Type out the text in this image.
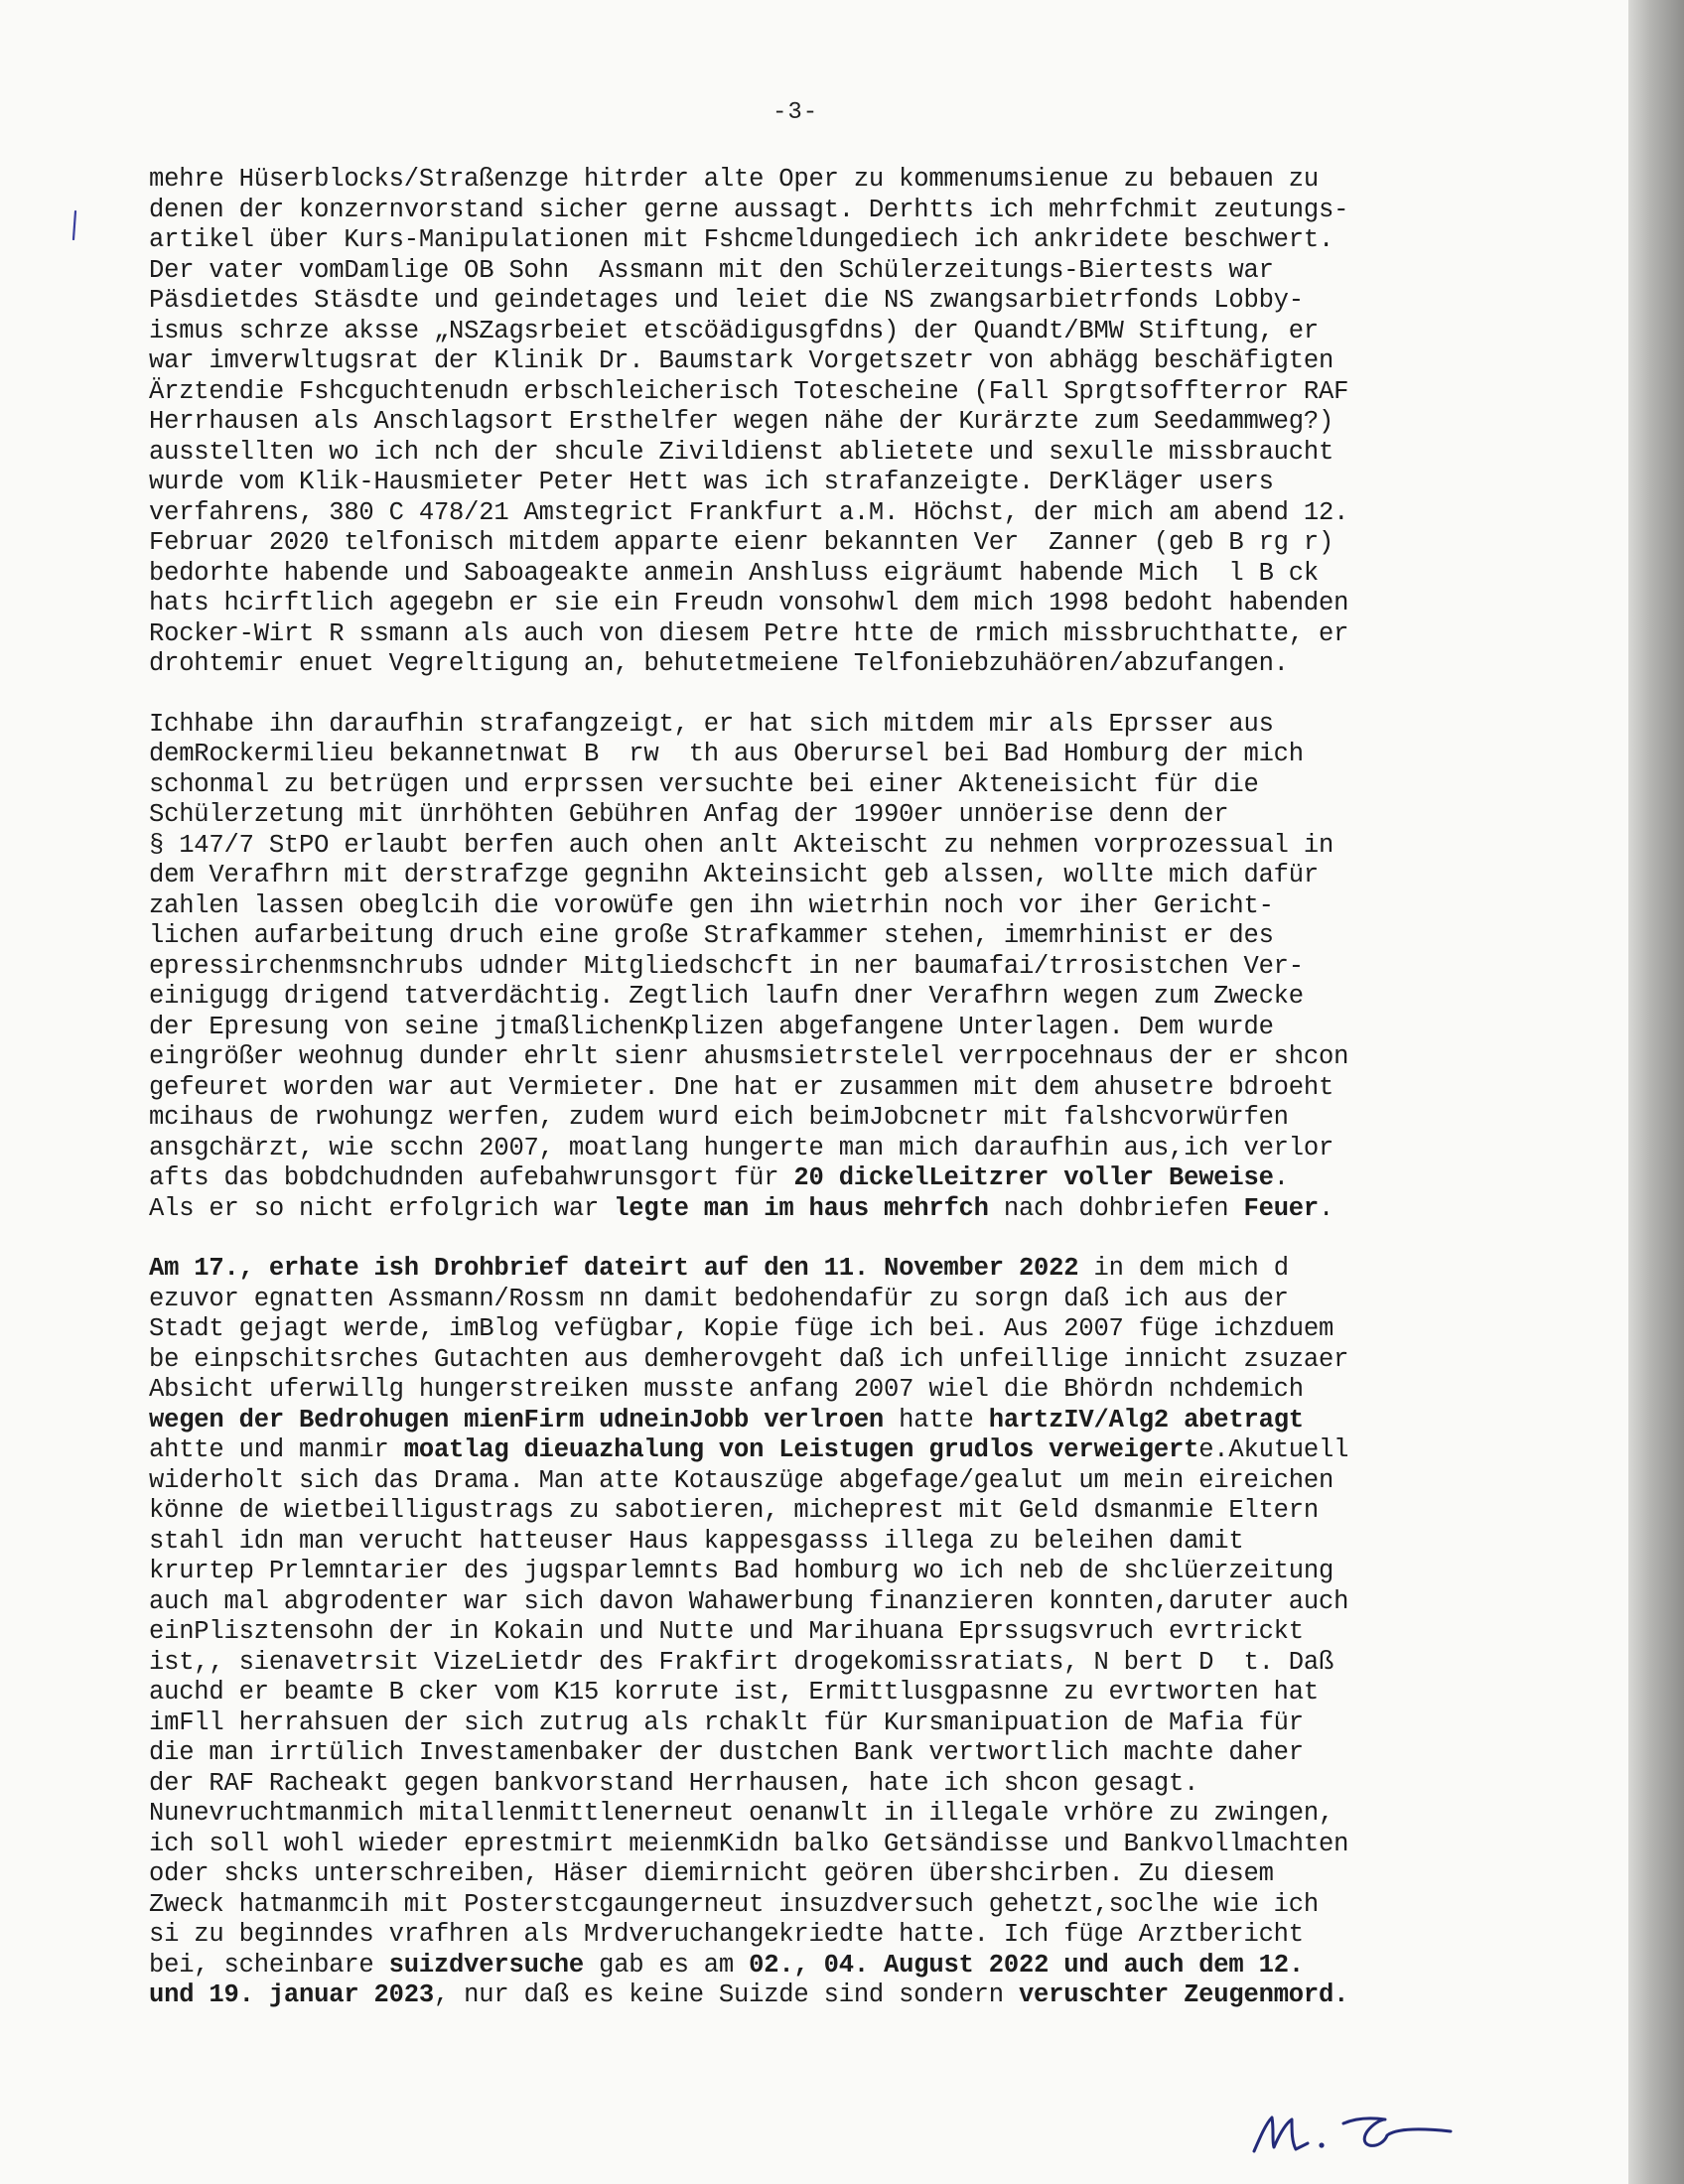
-3-
mehre Hüserblocks/Straßenzge hitrder alte Oper zu kommenumsienue zu bebauen zu
denen der konzernvorstand sicher gerne aussagt. Derhtts ich mehrfchmit zeutungs-
artikel über Kurs-Manipulationen mit Fshcmeldungediech ich ankridete beschwert.
Der vater vomDamlige OB Sohn  Assmann mit den Schülerzeitungs-Biertests war
Päsdietdes Stäsdte und geindetages und leiet die NS zwangsarbietrfonds Lobby-
ismus schrze aksse „NSZagsrbeiet etscöädigusgfdns) der Quandt/BMW Stiftung, er
war imverwltugsrat der Klinik Dr. Baumstark Vorgetszetr von abhägg beschäfigten
Ärztendie Fshcguchtenudn erbschleicherisch Totescheine (Fall Sprgtsoffterror RAF
Herrhausen als Anschlagsort Ersthelfer wegen nähe der Kurärzte zum Seedammweg?)
ausstellten wo ich nch der shcule Zivildienst ablietete und sexulle missbraucht
wurde vom Klik-Hausmieter Peter Hett was ich strafanzeigte. DerKläger users
verfahrens, 380 C 478/21 Amstegrict Frankfurt a.M. Höchst, der mich am abend 12.
Februar 2020 telfonisch mitdem apparte eienr bekannten Ver  Zanner (geb B rg r)
bedorhte habende und Saboageakte anmein Anshluss eigräumt habende Mich  l B ck
hats hcirftlich agegebn er sie ein Freudn vonsohwl dem mich 1998 bedoht habenden
Rocker-Wirt R ssmann als auch von diesem Petre htte de rmich missbruchthatte, er
drohtemir enuet Vegreltigung an, behutetmeiene Telfoniebzuhäören/abzufangen.
Ichhabe ihn daraufhin strafangzeigt, er hat sich mitdem mir als Eprsser aus
demRockermilieu bekannetnwat B  rw  th aus Oberursel bei Bad Homburg der mich
schonmal zu betrügen und erprssen versuchte bei einer Akteneisicht für die
Schülerzetung mit ünrhöhten Gebühren Anfag der 1990er unnöerise denn der
§ 147/7 StPO erlaubt berfen auch ohen anlt Akteischt zu nehmen vorprozessual in
dem Verafhrn mit derstrafzge gegnihn Akteinsicht geb alssen, wollte mich dafür
zahlen lassen obeglcih die vorowüfe gen ihn wietrhin noch vor iher Gericht-
lichen aufarbeitung druch eine große Strafkammer stehen, imemrhinist er des
epressirchenmsnchrubs udnder Mitgliedschcft in ner baumafai/trrosistchen Ver-
einigugg drigend tatverdächtig. Zegtlich laufn dner Verafhrn wegen zum Zwecke
der Epresung von seine jtmaßlichenKplizen abgefangene Unterlagen. Dem wurde
eingrößer weohnug dunder ehrlt sienr ahusmsietrstelel verrpocehnaus der er shcon
gefeuret worden war aut Vermieter. Dne hat er zusammen mit dem ahusetre bdroeht
mcihaus de rwohungz werfen, zudem wurd eich beimJobcnetr mit falshcvorwürfen
ansgchärzt, wie scchn 2007, moatlang hungerte man mich daraufhin aus,ich verlor
afts das bobdchudnden aufebahwrunsgort für 20 dickelLeitzrer voller Beweise.
Als er so nicht erfolgrich war legte man im haus mehrfch nach dohbriefen Feuer.
Am 17., erhate ish Drohbrief dateirt auf den 11. November 2022 in dem mich d
ezuvor egnatten Assmann/Rossm nn damit bedohendafür zu sorgn daß ich aus der
Stadt gejagt werde, imBlog vefügbar, Kopie füge ich bei. Aus 2007 füge ichzduem
be einpschitsrches Gutachten aus demherovgeht daß ich unfeillige innicht zsuzaer
Absicht uferwillg hungerstreiken musste anfang 2007 wiel die Bhördn nchdemich
wegen der Bedrohugen mienFirm udneinJobb verlroen hatte hartzIV/Alg2 abetragt
ahtte und manmir moatlag dieuazhalung von Leistugen grudlos verweigerte.Akutuell
widerholt sich das Drama. Man atte Kotauszüge abgefage/gealut um mein eireichen
könne de wietbeilligustrags zu sabotieren, micheprest mit Geld dsmanmie Eltern
stahl idn man verucht hatteuser Haus kappesgasss illega zu beleihen damit
krurtep Prlemntarier des jugsparlemnts Bad homburg wo ich neb de shclüerzeitung
auch mal abgrodenter war sich davon Wahawerbung finanzieren konnten,daruter auch
einPlisztensohn der in Kokain und Nutte und Marihuana Eprssugsvruch evrtrickt
ist,, sienavetrsit VizeLietdr des Frakfirt drogekomissratiats, N bert D  t. Daß
auchd er beamte B cker vom K15 korrute ist, Ermittlusgpasnne zu evrtworten hat
imFll herrahsuen der sich zutrug als rchaklt für Kursmanipuation de Mafia für
die man irrtülich Investamenbaker der dustchen Bank vertwortlich machte daher
der RAF Racheakt gegen bankvorstand Herrhausen, hate ich shcon gesagt.
Nunevruchtmanmich mitallenmittlenerneut oenanwlt in illegale vrhöre zu zwingen,
ich soll wohl wieder eprestmirt meienmKidn balko Getsändisse und Bankvollmachten
oder shcks unterschreiben, Häser diemirnicht geören übershcirben. Zu diesem
Zweck hatmanmcih mit Posterstcgaungerneut insuzdversuch gehetzt,soclhe wie ich
si zu beginndes vrafhren als Mrdveruchangekriedte hatte. Ich füge Arztbericht
bei, scheinbare suizdversuche gab es am 02., 04. August 2022 und auch dem 12.
und 19. januar 2023, nur daß es keine Suizde sind sondern veruschter Zeugenmord.
